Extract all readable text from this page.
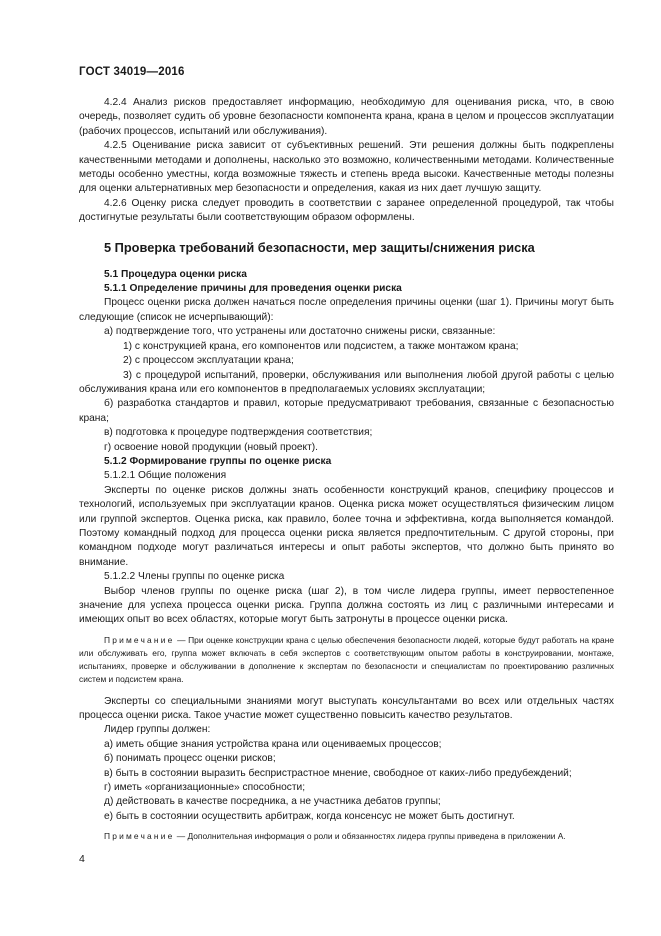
ГОСТ 34019—2016

4.2.4 Анализ рисков предоставляет информацию, необходимую для оценивания риска, что, в свою очередь, позволяет судить об уровне безопасности компонента крана, крана в целом и процессов эксплуатации (рабочих процессов, испытаний или обслуживания).

4.2.5 Оценивание риска зависит от субъективных решений. Эти решения должны быть подкреплены качественными методами и дополнены, насколько это возможно, количественными методами. Количественные методы особенно уместны, когда возможные тяжесть и степень вреда высоки. Качественные методы полезны для оценки альтернативных мер безопасности и определения, какая из них дает лучшую защиту.

4.2.6 Оценку риска следует проводить в соответствии с заранее определенной процедурой, так чтобы достигнутые результаты были соответствующим образом оформлены.

5 Проверка требований безопасности, мер защиты/снижения риска

5.1 Процедура оценки риска

5.1.1 Определение причины для проведения оценки риска

Процесс оценки риска должен начаться после определения причины оценки (шаг 1). Причины могут быть следующие (список не исчерпывающий):

а) подтверждение того, что устранены или достаточно снижены риски, связанные:

1) с конструкцией крана, его компонентов или подсистем, а также монтажом крана;

2) с процессом эксплуатации крана;

3) с процедурой испытаний, проверки, обслуживания или выполнения любой другой работы с целью обслуживания крана или его компонентов в предполагаемых условиях эксплуатации;

б) разработка стандартов и правил, которые предусматривают требования, связанные с безопасностью крана;

в) подготовка к процедуре подтверждения соответствия;

г) освоение новой продукции (новый проект).

5.1.2 Формирование группы по оценке риска

5.1.2.1 Общие положения

Эксперты по оценке рисков должны знать особенности конструкций кранов, специфику процессов и технологий, используемых при эксплуатации кранов. Оценка риска может осуществляться физическим лицом или группой экспертов. Оценка риска, как правило, более точна и эффективна, когда выполняется командой. Поэтому командный подход для процесса оценки риска является предпочтительным. С другой стороны, при командном подходе могут различаться интересы и опыт работы экспертов, что должно быть принято во внимание.

5.1.2.2 Члены группы по оценке риска

Выбор членов группы по оценке риска (шаг 2), в том числе лидера группы, имеет первостепенное значение для успеха процесса оценки риска. Группа должна состоять из лиц с различными интересами и имеющих опыт во всех областях, которые могут быть затронуты в процессе оценки риска.

Примечание — При оценке конструкции крана с целью обеспечения безопасности людей, которые будут работать на кране или обслуживать его, группа может включать в себя экспертов с соответствующим опытом работы в конструировании, монтаже, испытаниях, проверке и обслуживании в дополнение к экспертам по безопасности и специалистам по проектированию различных систем и подсистем крана.

Эксперты со специальными знаниями могут выступать консультантами во всех или отдельных частях процесса оценки риска. Такое участие может существенно повысить качество результатов.

Лидер группы должен:

а) иметь общие знания устройства крана или оцениваемых процессов;

б) понимать процесс оценки рисков;

в) быть в состоянии выразить беспристрастное мнение, свободное от каких-либо предубеждений;

г) иметь «организационные» способности;

д) действовать в качестве посредника, а не участника дебатов группы;

е) быть в состоянии осуществить арбитраж, когда консенсус не может быть достигнут.

Примечание — Дополнительная информация о роли и обязанностях лидера группы приведена в приложении А.

4
